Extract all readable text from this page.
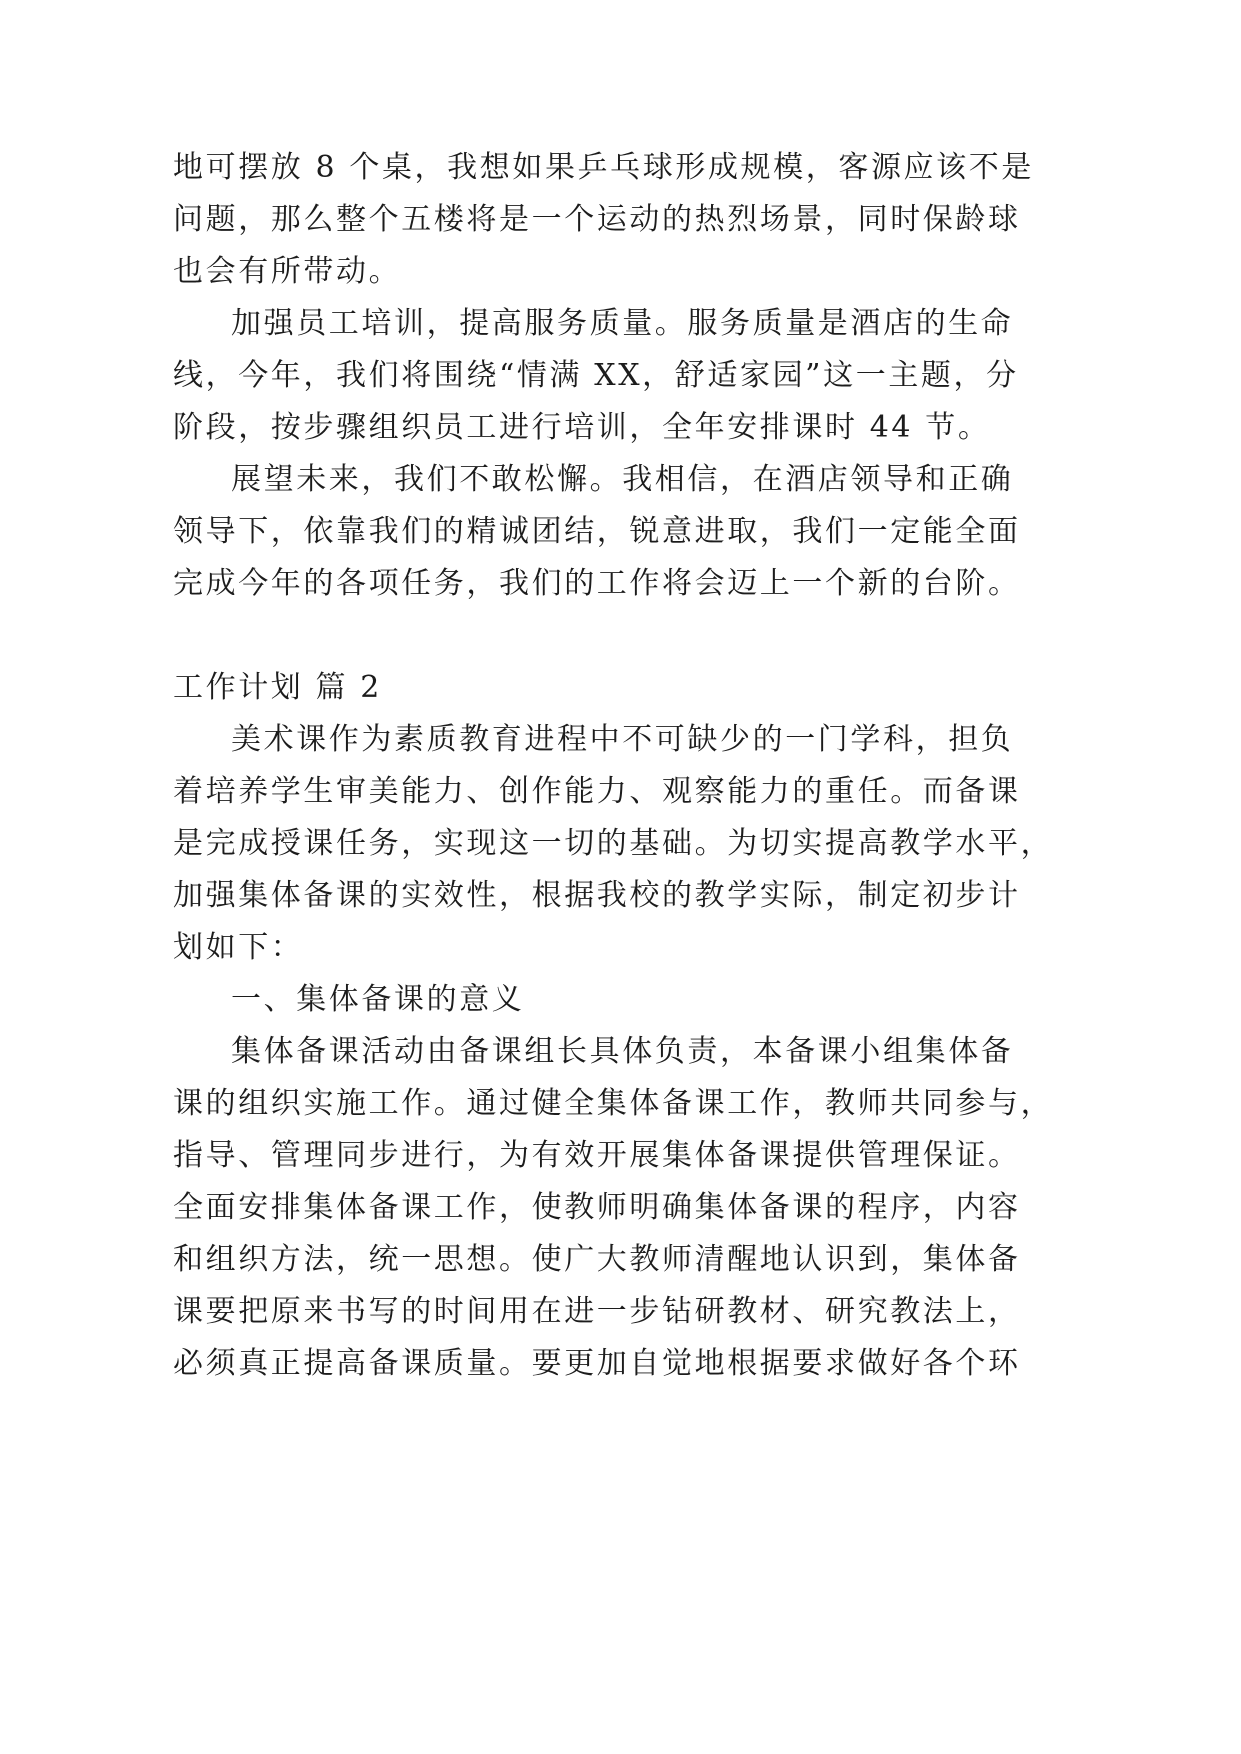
地可摆放 8 个桌，我想如果乒乓球形成规模，客源应该不是

问题，那么整个五楼将是一个运动的热烈场景，同时保龄球

也会有所带动。

加强员工培训，提高服务质量。服务质量是酒店的生命

线，今年，我们将围绕“情满 XX，舒适家园”这一主题，分

阶段，按步骤组织员工进行培训，全年安排课时 44 节。

展望未来，我们不敢松懈。我相信，在酒店领导和正确

领导下，依靠我们的精诚团结，锐意进取，我们一定能全面

完成今年的各项任务，我们的工作将会迈上一个新的台阶。

工作计划 篇 2

美术课作为素质教育进程中不可缺少的一门学科，担负

着培养学生审美能力、创作能力、观察能力的重任。而备课

是完成授课任务，实现这一切的基础。为切实提高教学水平，

加强集体备课的实效性，根据我校的教学实际，制定初步计

划如下：

一、集体备课的意义

集体备课活动由备课组长具体负责，本备课小组集体备

课的组织实施工作。通过健全集体备课工作，教师共同参与，

指导、管理同步进行，为有效开展集体备课提供管理保证。

全面安排集体备课工作，使教师明确集体备课的程序，内容

和组织方法，统一思想。使广大教师清醒地认识到，集体备

课要把原来书写的时间用在进一步钻研教材、研究教法上，

必须真正提高备课质量。要更加自觉地根据要求做好各个环
